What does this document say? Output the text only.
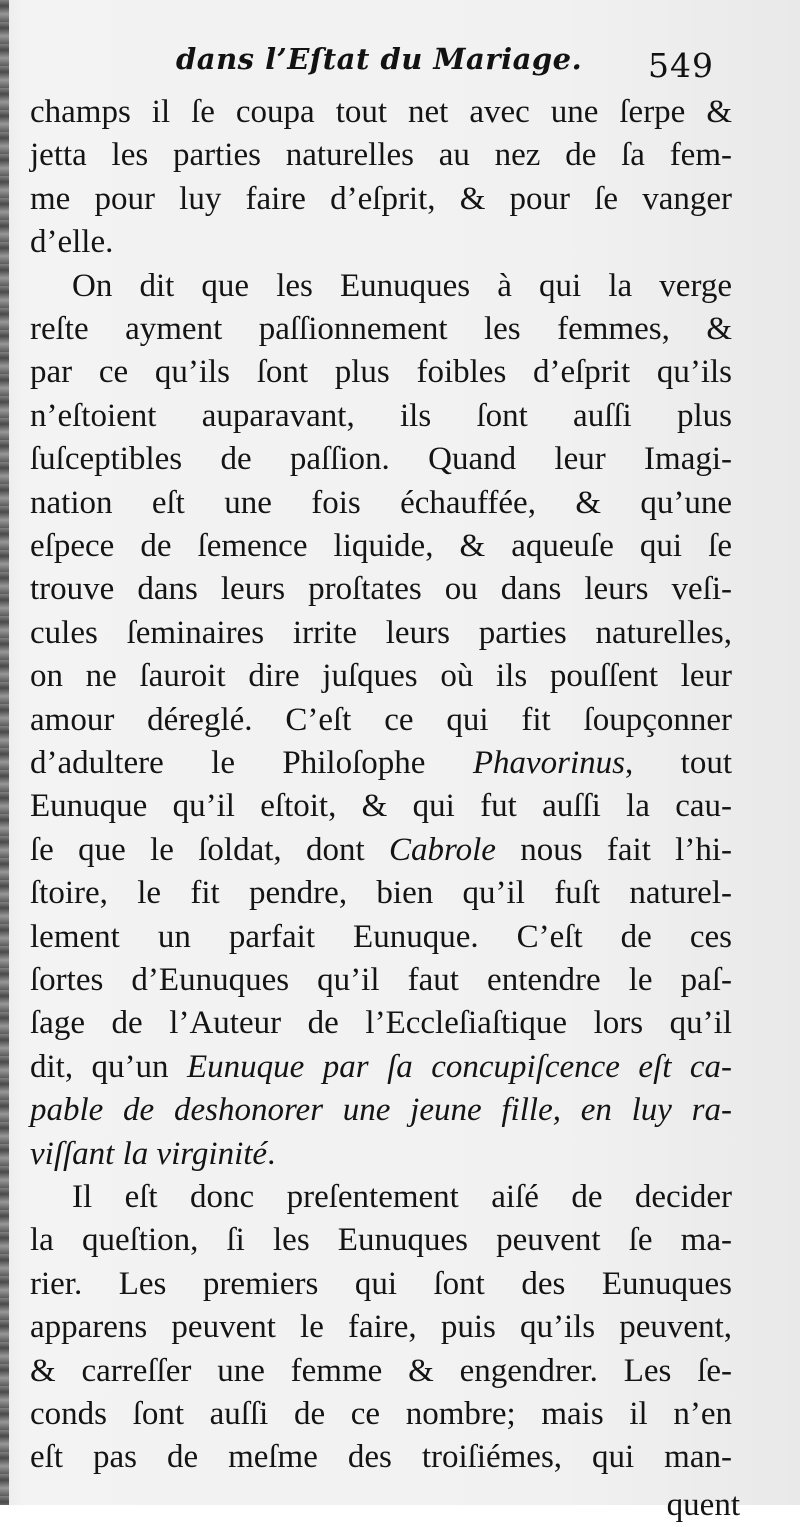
dans l’Eſtat du Mariage. 549
champs il ſe coupa tout net avec une ſerpe &
jetta les parties naturelles au nez de ſa fem-
me pour luy faire d’eſprit, & pour ſe vanger
d’elle.
On dit que les Eunuques à qui la verge
reſte ayment paſſionnement les femmes, &
par ce qu’ils ſont plus foibles d’eſprit qu’ils
n’eſtoient auparavant, ils ſont auſſi plus
ſuſceptibles de paſſion. Quand leur Imagi-
nation eſt une fois échauffée, & qu’une
eſpece de ſemence liquide, & aqueuſe qui ſe
trouve dans leurs proſtates ou dans leurs veſi-
cules ſeminaires irrite leurs parties naturelles,
on ne ſauroit dire juſques où ils pouſſent leur
amour déreglé. C’eſt ce qui fit ſoupçonner
d’adultere le Philoſophe Phavorinus, tout
Eunuque qu’il eſtoit, & qui fut auſſi la cau-
ſe que le ſoldat, dont Cabrole nous fait l’hi-
ſtoire, le fit pendre, bien qu’il fuſt naturel-
lement un parfait Eunuque. C’eſt de ces
ſortes d’Eunuques qu’il faut entendre le paſ-
ſage de l’Auteur de l’Eccleſiaſtique lors qu’il
dit, qu’un Eunuque par ſa concupiſcence eſt ca-
pable de deshonorer une jeune fille, en luy ra-
viſſant la virginité.
Il eſt donc preſentement aiſé de decider
la queſtion, ſi les Eunuques peuvent ſe ma-
rier. Les premiers qui ſont des Eunuques
apparens peuvent le faire, puis qu’ils peuvent,
& carreſſer une femme & engendrer. Les ſe-
conds ſont auſſi de ce nombre; mais il n’en
eſt pas de meſme des troiſiémes, qui man-
quent
